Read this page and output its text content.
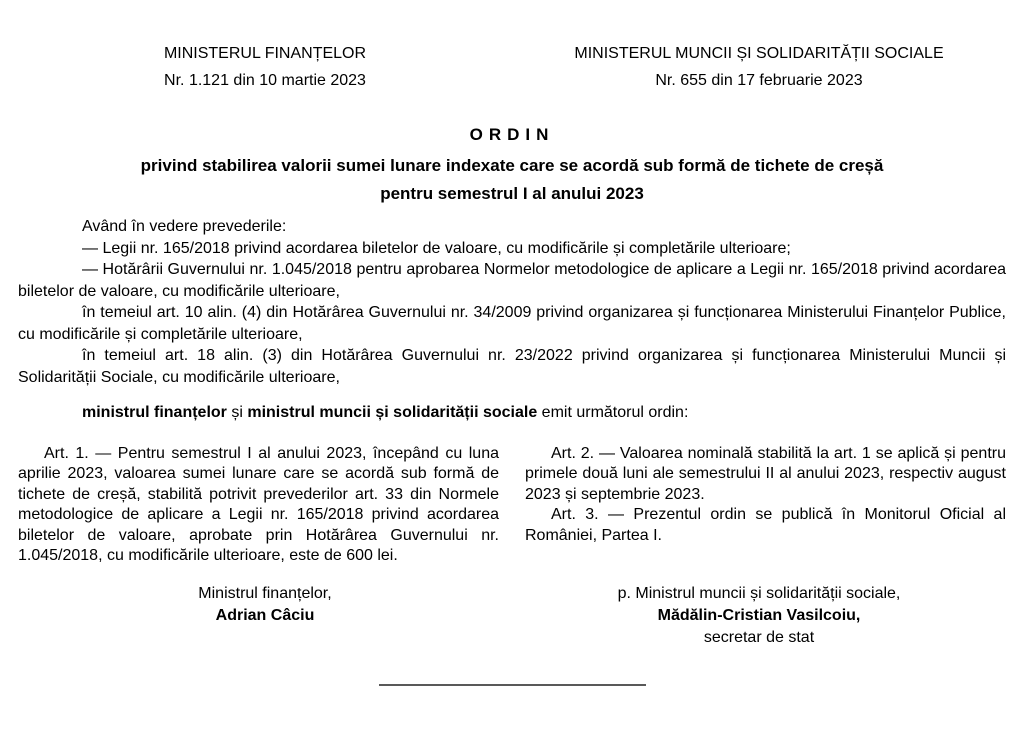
MINISTERUL FINANȚELOR
Nr. 1.121 din 10 martie 2023
MINISTERUL MUNCII ȘI SOLIDARITĂȚII SOCIALE
Nr. 655 din 17 februarie 2023
ORDIN
privind stabilirea valorii sumei lunare indexate care se acordă sub formă de tichete de creșă
pentru semestrul I al anului 2023

Având în vedere prevederile:

— Legii nr. 165/2018 privind acordarea biletelor de valoare, cu modificările și completările ulterioare;

— Hotărârii Guvernului nr. 1.045/2018 pentru aprobarea Normelor metodologice de aplicare a Legii nr. 165/2018 privind acordarea biletelor de valoare, cu modificările ulterioare,

în temeiul art. 10 alin. (4) din Hotărârea Guvernului nr. 34/2009 privind organizarea și funcționarea Ministerului Finanțelor Publice, cu modificările și completările ulterioare,

în temeiul art. 18 alin. (3) din Hotărârea Guvernului nr. 23/2022 privind organizarea și funcționarea Ministerului Muncii și Solidarității Sociale, cu modificările ulterioare,

ministrul finanțelor și ministrul muncii și solidarității sociale emit următorul ordin:

Art. 1. — Pentru semestrul I al anului 2023, începând cu luna aprilie 2023, valoarea sumei lunare care se acordă sub formă de tichete de creșă, stabilită potrivit prevederilor art. 33 din Normele metodologice de aplicare a Legii nr. 165/2018 privind acordarea biletelor de valoare, aprobate prin Hotărârea Guvernului nr. 1.045/2018, cu modificările ulterioare, este de 600 lei.

Art. 2. — Valoarea nominală stabilită la art. 1 se aplică și pentru primele două luni ale semestrului II al anului 2023, respectiv august 2023 și septembrie 2023.

Art. 3. — Prezentul ordin se publică în Monitorul Oficial al României, Partea I.

Ministrul finanțelor,
Adrian Câciu
p. Ministrul muncii și solidarității sociale,
Mădălin-Cristian Vasilcoiu,
secretar de stat
